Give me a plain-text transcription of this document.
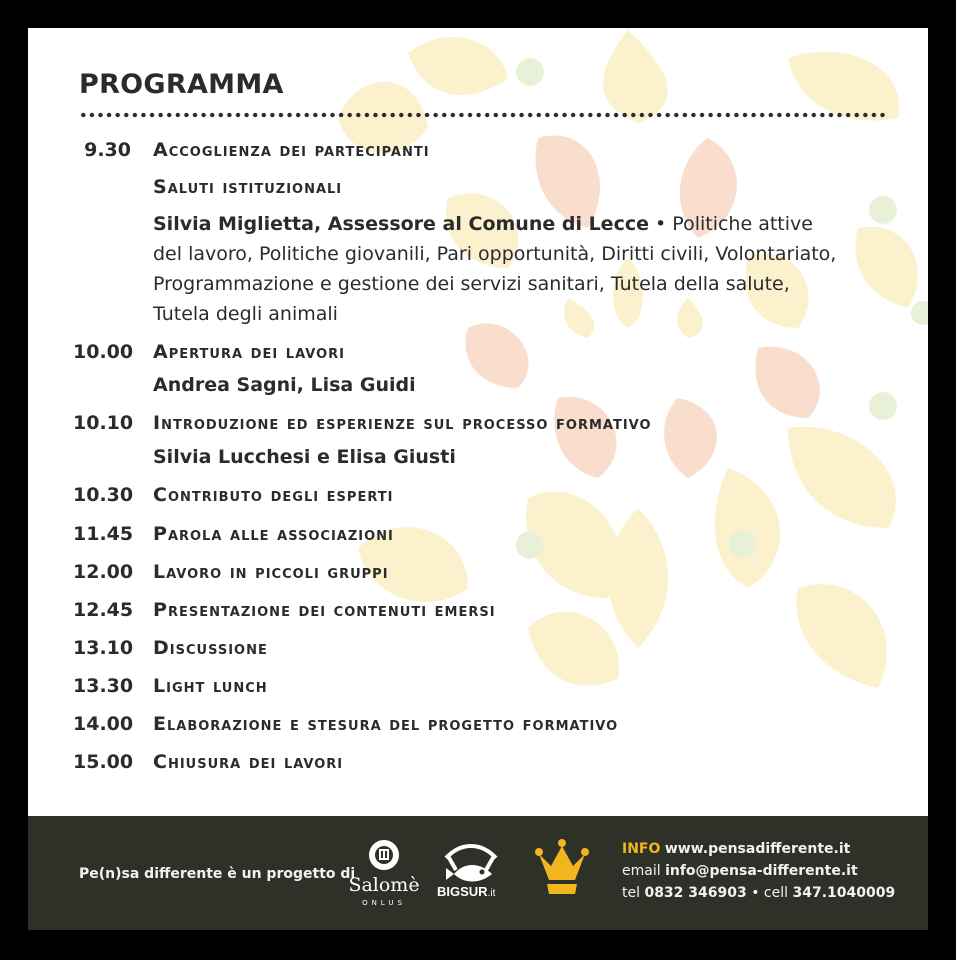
PROGRAMMA
9.30 accoglienza dei partecipanti
Saluti istituzionali
Silvia Miglietta, Assessore al Comune di Lecce • Politiche attive del lavoro, Politiche giovanili, Pari opportunità, Diritti civili, Volontariato, Programmazione e gestione dei servizi sanitari, Tutela della salute, Tutela degli animali
10.00 apertura dei lavori
Andrea Sagni, Lisa Guidi
10.10 introduzione ed esperienze sul processo formativo
Silvia Lucchesi e Elisa Giusti
10.30 contributo degli esperti
11.45 parola alle associazioni
12.00 lavoro in piccoli gruppi
12.45 presentazione dei contenuti emersi
13.10 discussione
13.30 light lunch
14.00 elaborazione e stesura del progetto formativo
15.00 chiusura dei lavori
Pe(n)sa differente è un progetto di
Salomè
ONLUS
BIGSUR.it
INFO www.pensadifferente.it
email info@pensa-differente.it
tel 0832 346903 • cell 347.1040009
